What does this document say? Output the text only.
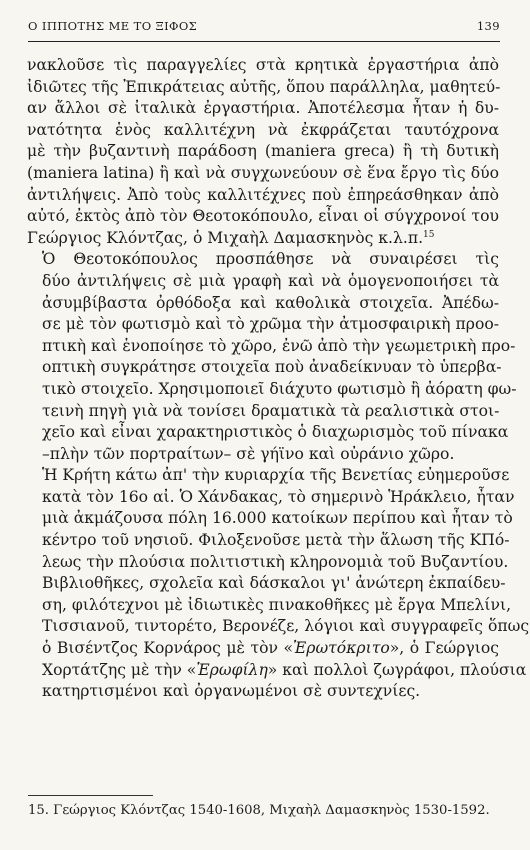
Ο ΙΠΠΟΤΗΣ ΜΕ ΤΟ ΞΙΦΟΣ	139

νακλοῦσε τὶς παραγγελίες στὰ κρητικὰ ἐργαστήρια ἀπὸ
ἰδιῶτες τῆς Ἐπικράτειας αὐτῆς, ὅπου παράλληλα, μαθητεύ-
αν ἄλλοι σὲ ἰταλικὰ ἐργαστήρια. Ἀποτέλεσμα ἦταν ἡ δυ-
νατότητα ἑνὸς καλλιτέχνη νὰ ἐκφράζεται ταυτόχρονα
μὲ τὴν βυζαντινὴ παράδοση (maniera greca) ἢ τὴ δυτικὴ
(maniera latina) ἢ καὶ νὰ συγχωνεύουν σὲ ἕνα ἔργο τὶς δύο
ἀντιλήψεις. Ἀπὸ τοὺς καλλιτέχνες ποὺ ἐπηρεάσθηκαν ἀπὸ
αὐτό, ἐκτὸς ἀπὸ τὸν Θεοτοκόπουλο, εἶναι οἱ σύγχρονοί του
Γεώργιος Κλόντζας, ὁ Μιχαὴλ Δαμασκηνὸς κ.λ.π.$^{15}$

Ὁ Θεοτοκόπουλος προσπάθησε νὰ συναιρέσει τὶς
δύο ἀντιλήψεις σὲ μιὰ γραφὴ καὶ νὰ ὁμογενοποιήσει τὰ
ἀσυμβίβαστα ὀρθόδοξα καὶ καθολικὰ στοιχεῖα. Ἀπέδω-
σε μὲ τὸν φωτισμὸ καὶ τὸ χρῶμα τὴν ἀτμοσφαιρικὴ προο-
πτικὴ καὶ ἑνοποίησε τὸ χῶρο, ἐνῶ ἀπὸ τὴν γεωμετρικὴ προ-
οπτικὴ συγκράτησε στοιχεῖα ποὺ ἀναδείκνυαν τὸ ὑπερβα-
τικὸ στοιχεῖο. Χρησιμοποιεῖ διάχυτο φωτισμὸ ἢ ἀόρατη φω-
τεινὴ πηγὴ γιὰ νὰ τονίσει δραματικὰ τὰ ρεαλιστικὰ στοι-
χεῖο καὶ εἶναι χαρακτηριστικὸς ὁ διαχωρισμὸς τοῦ πίνακα
–πλὴν τῶν πορτραίτων– σὲ γήϊνο καὶ οὐράνιο χῶρο.

Ἡ Κρήτη κάτω ἀπ' τὴν κυριαρχία τῆς Βενετίας εὐημεροῦσε
κατὰ τὸν 16ο αἰ. Ὁ Χάνδακας, τὸ σημερινὸ Ἡράκλειο, ἦταν
μιὰ ἀκμάζουσα πόλη 16.000 κατοίκων περίπου καὶ ἦταν τὸ
κέντρο τοῦ νησιοῦ. Φιλοξενοῦσε μετὰ τὴν ἅλωση τῆς ΚΠό-
λεως τὴν πλούσια πολιτιστικὴ κληρονομιὰ τοῦ Βυζαντίου.
Βιβλιοθῆκες, σχολεῖα καὶ δάσκαλοι γι' ἀνώτερη ἐκπαίδευ-
ση, φιλότεχνοι μὲ ἰδιωτικὲς πινακοθῆκες μὲ ἔργα Μπελίνι,
Τισσιανοῦ, τιντορέτο, Βερονέζε, λόγιοι καὶ συγγραφεῖς ὅπως
ὁ Βισέντζος Κορνάρος μὲ τὸν «Ἐρωτόκριτο», ὁ Γεώργιος
Χορτάτζης μὲ τὴν «Ἐρωφίλη» καὶ πολλοὶ ζωγράφοι, πλούσια
κατηρτισμένοι καὶ ὀργανωμένοι σὲ συντεχνίες.

15. Γεώργιος Κλόντζας 1540-1608, Μιχαὴλ Δαμασκηνὸς 1530-1592.
